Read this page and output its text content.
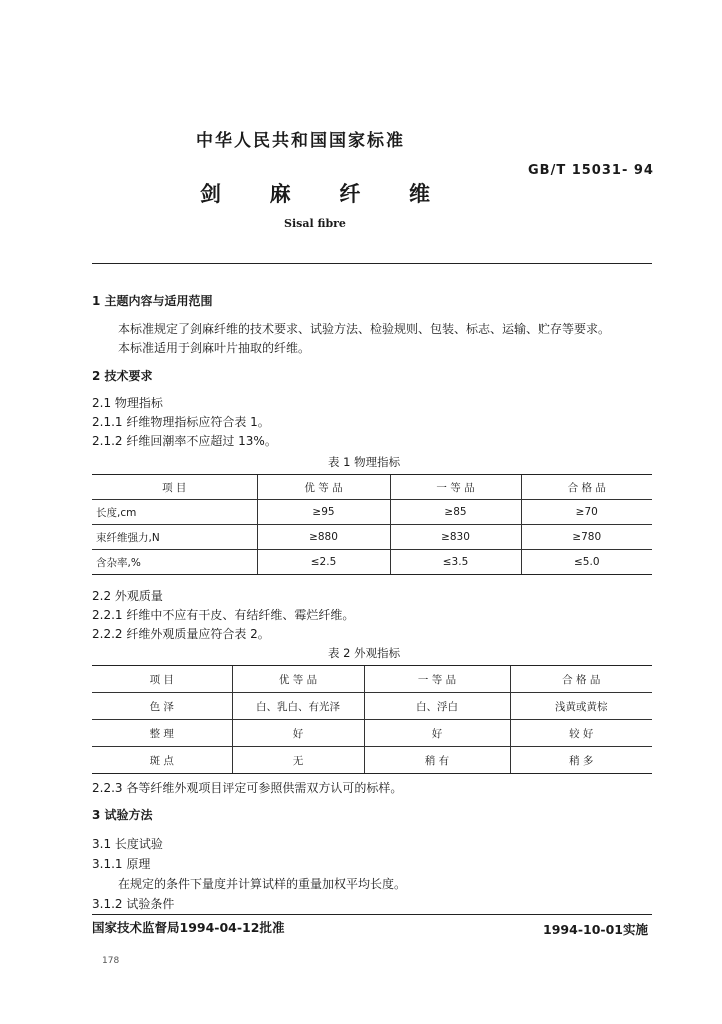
中华人民共和国国家标准
GB/T 15031- 94
剑 麻 纤 维
Sisal fibre
1 主题内容与适用范围
本标准规定了剑麻纤维的技术要求、试验方法、检验规则、包装、标志、运输、贮存等要求。
本标准适用于剑麻叶片抽取的纤维。
2 技术要求
2.1 物理指标
2.1.1 纤维物理指标应符合表 1。
2.1.2 纤维回潮率不应超过 13%。
表 1 物理指标
项 目	优 等 品	一 等 品	合 格 品
长度,cm	≥95	≥85	≥70
束纤维强力,N	≥880	≥830	≥780
含杂率,%	≤2.5	≤3.5	≤5.0
2.2 外观质量
2.2.1 纤维中不应有干皮、有结纤维、霉烂纤维。
2.2.2 纤维外观质量应符合表 2。
表 2 外观指标
项 目	优 等 品	一 等 品	合 格 品
色 泽	白、乳白、有光泽	白、浮白	浅黄或黄棕
整 理	好	好	较 好
斑 点	无	稍 有	稍 多
2.2.3 各等纤维外观项目评定可参照供需双方认可的标样。
3 试验方法
3.1 长度试验
3.1.1 原理
在规定的条件下量度并计算试样的重量加权平均长度。
3.1.2 试验条件
国家技术监督局1994-04-12批准	1994-10-01实施
178
